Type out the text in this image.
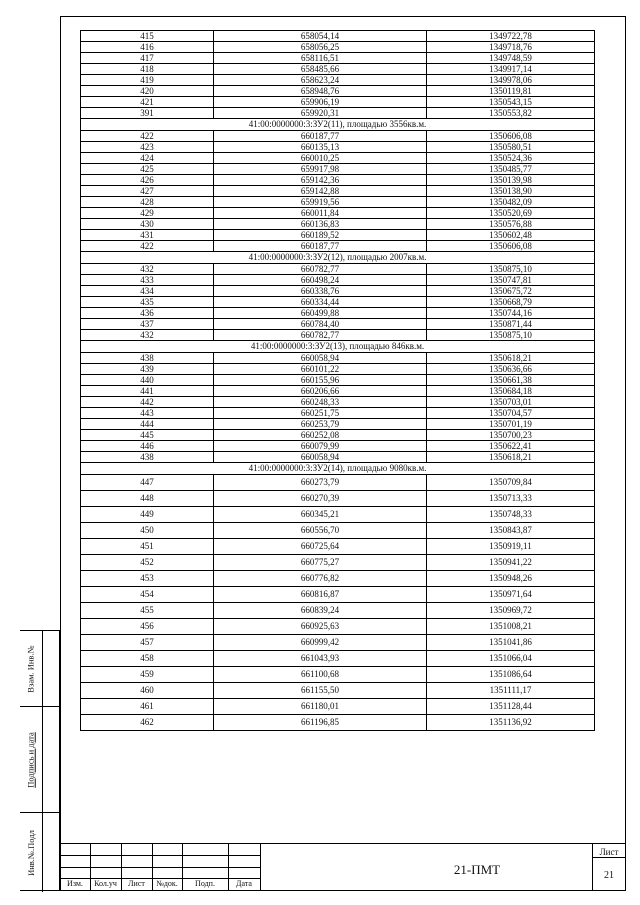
415	658054,14	1349722,78
416	658056,25	1349718,76
417	658116,51	1349748,59
418	658485,66	1349917,14
419	658623,24	1349978,06
420	658948,76	1350119,81
421	659906,19	1350543,15
391	659920,31	1350553,82
41:00:0000000:3:ЗУ2(11), площадью 3556кв.м.		
422	660187,77	1350606,08
423	660135,13	1350580,51
424	660010,25	1350524,36
425	659917,98	1350485,77
426	659142,36	1350139,98
427	659142,88	1350138,90
428	659919,56	1350482,09
429	660011,84	1350520,69
430	660136,83	1350576,88
431	660189,52	1350602,48
422	660187,77	1350606,08
41:00:0000000:3:ЗУ2(12), площадью 2007кв.м.		
432	660782,77	1350875,10
433	660498,24	1350747,81
434	660338,76	1350675,72
435	660334,44	1350668,79
436	660499,88	1350744,16
437	660784,40	1350871,44
432	660782,77	1350875,10
41:00:0000000:3:ЗУ2(13), площадью 846кв.м.		
438	660058,94	1350618,21
439	660101,22	1350636,66
440	660155,96	1350661,38
441	660206,66	1350684,18
442	660248,33	1350703,01
443	660251,75	1350704,57
444	660253,79	1350701,19
445	660252,08	1350700,23
446	660079,99	1350622,41
438	660058,94	1350618,21
41:00:0000000:3:ЗУ2(14), площадью 9080кв.м.		
447	660273,79	1350709,84
448	660270,39	1350713,33
449	660345,21	1350748,33
450	660556,70	1350843,87
451	660725,64	1350919,11
452	660775,27	1350941,22
453	660776,82	1350948,26
454	660816,87	1350971,64
455	660839,24	1350969,72
456	660925,63	1351008,21
457	660999,42	1351041,86
458	661043,93	1351066,04
459	661100,68	1351086,64
460	661155,50	1351111,17
461	661180,01	1351128,44
462	661196,85	1351136,92
Взам. Инв.№
Подпись и дата
Инв.№.Подл
Изм.	Кол.уч	Лист	№док.	Подп.	Дата
21-ПМТ
Лист
21
